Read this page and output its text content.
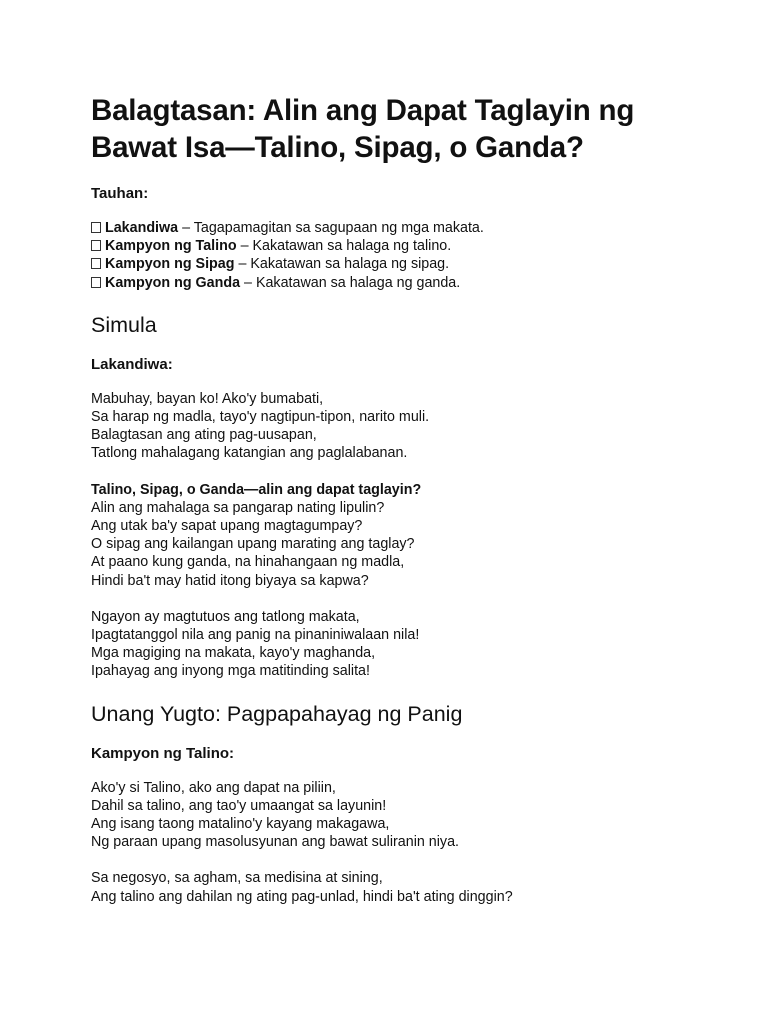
Balagtasan: Alin ang Dapat Taglayin ng
Bawat Isa—Talino, Sipag, o Ganda?

Tauhan:

Lakandiwa – Tagapamagitan sa sagupaan ng mga makata.

Kampyon ng Talino – Kakatawan sa halaga ng talino.

Kampyon ng Sipag – Kakatawan sa halaga ng sipag.

Kampyon ng Ganda – Kakatawan sa halaga ng ganda.

Simula

Lakandiwa:

Mabuhay, bayan ko! Ako'y bumabati,

Sa harap ng madla, tayo'y nagtipun-tipon, narito muli.

Balagtasan ang ating pag-uusapan,

Tatlong mahalagang katangian ang paglalabanan.

Talino, Sipag, o Ganda—alin ang dapat taglayin?

Alin ang mahalaga sa pangarap nating lipulin?

Ang utak ba'y sapat upang magtagumpay?

O sipag ang kailangan upang marating ang taglay?

At paano kung ganda, na hinahangaan ng madla,

Hindi ba't may hatid itong biyaya sa kapwa?

Ngayon ay magtutuos ang tatlong makata,

Ipagtatanggol nila ang panig na pinaniniwalaan nila!

Mga magiging na makata, kayo'y maghanda,

Ipahayag ang inyong mga matitinding salita!

Unang Yugto: Pagpapahayag ng Panig

Kampyon ng Talino:

Ako'y si Talino, ako ang dapat na piliin,

Dahil sa talino, ang tao'y umaangat sa layunin!

Ang isang taong matalino'y kayang makagawa,

Ng paraan upang masolusyunan ang bawat suliranin niya.

Sa negosyo, sa agham, sa medisina at sining,

Ang talino ang dahilan ng ating pag-unlad, hindi ba't ating dinggin?
